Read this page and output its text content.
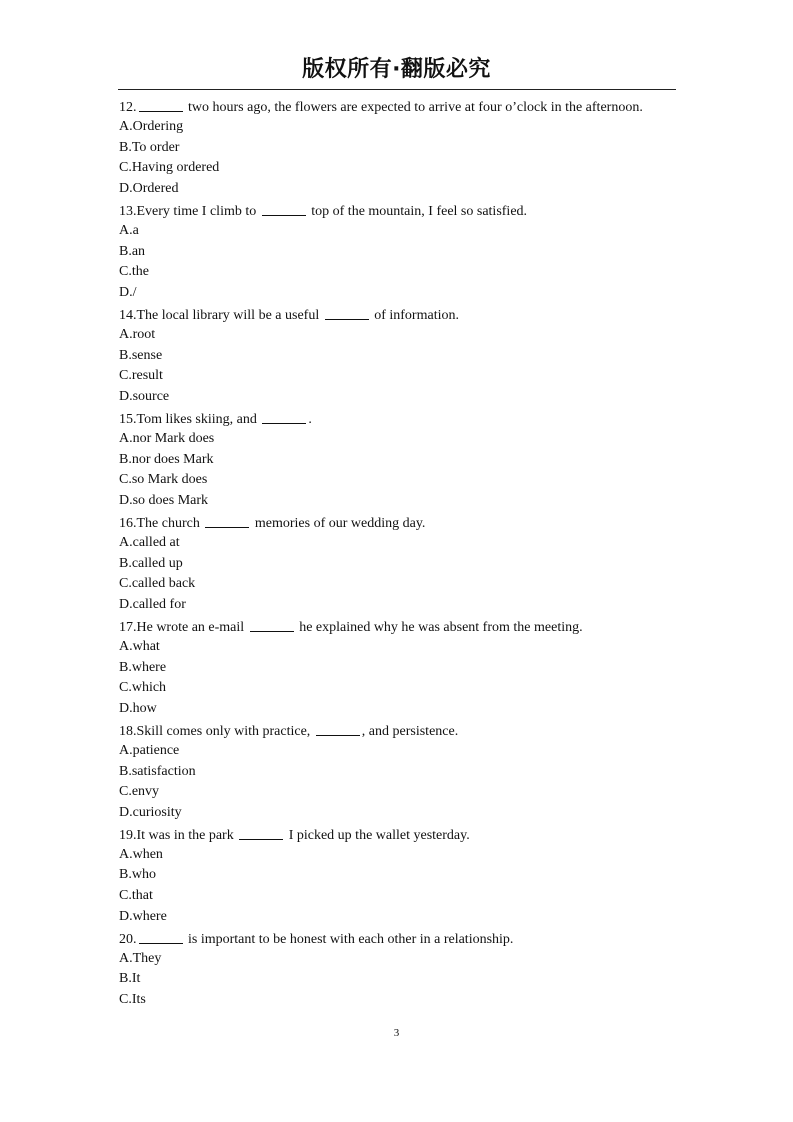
版权所有·翻版必究
12.	two hours ago, the flowers are expected to arrive at four o’clock in the afternoon.
A.Ordering
B.To order
C.Having ordered
D.Ordered
13.Every time I climb to	top of the mountain, I feel so satisfied.
A.a
B.an
C.the
D./
14.The local library will be a useful	of information.
A.root
B.sense
C.result
D.source
15.Tom likes skiing, and	.
A.nor Mark does
B.nor does Mark
C.so Mark does
D.so does Mark
16.The church	memories of our wedding day.
A.called at
B.called up
C.called back
D.called for
17.He wrote an e-mail	he explained why he was absent from the meeting.
A.what
B.where
C.which
D.how
18.Skill comes only with practice,	, and persistence.
A.patience
B.satisfaction
C.envy
D.curiosity
19.It was in the park	I picked up the wallet yesterday.
A.when
B.who
C.that
D.where
20.	is important to be honest with each other in a relationship.
A.They
B.It
C.Its
3
